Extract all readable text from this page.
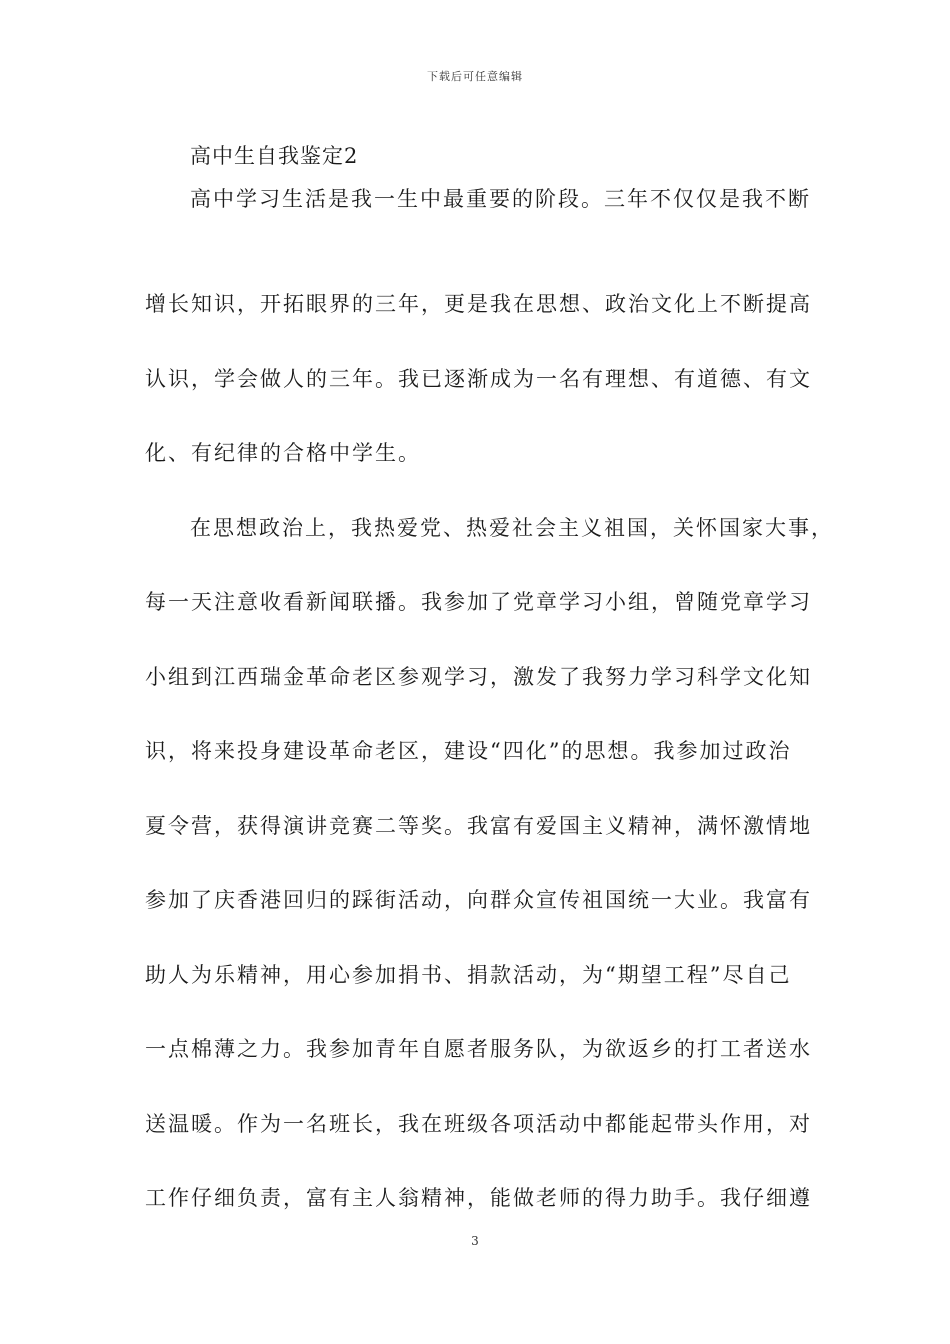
下载后可任意编辑
高中生自我鉴定2
高中学习生活是我一生中最重要的阶段。三年不仅仅是我不断
增长知识，开拓眼界的三年，更是我在思想、政治文化上不断提高
认识，学会做人的三年。我已逐渐成为一名有理想、有道德、有文
化、有纪律的合格中学生。
在思想政治上，我热爱党、热爱社会主义祖国，关怀国家大事，
每一天注意收看新闻联播。我参加了党章学习小组，曾随党章学习
小组到江西瑞金革命老区参观学习，激发了我努力学习科学文化知
识，将来投身建设革命老区，建设“四化”的思想。我参加过政治
夏令营，获得演讲竞赛二等奖。我富有爱国主义精神，满怀激情地
参加了庆香港回归的踩街活动，向群众宣传祖国统一大业。我富有
助人为乐精神，用心参加捐书、捐款活动，为“期望工程”尽自己
一点棉薄之力。我参加青年自愿者服务队，为欲返乡的打工者送水
送温暖。作为一名班长，我在班级各项活动中都能起带头作用，对
工作仔细负责，富有主人翁精神，能做老师的得力助手。我仔细遵
3
